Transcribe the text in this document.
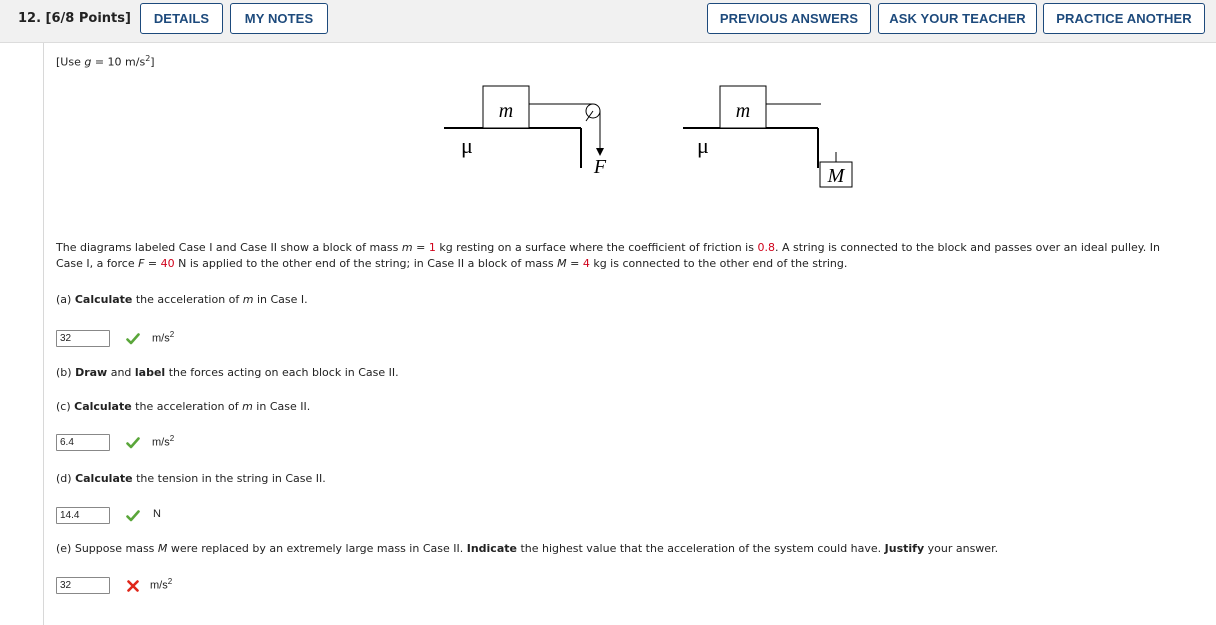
12. [6/8 Points]	DETAILS	MY NOTES	PREVIOUS ANSWERS	ASK YOUR TEACHER	PRACTICE ANOTHER
[Use g = 10 $m/s^2$]
m
μ
F
m
μ
M
The diagrams labeled Case I and Case II show a block of mass m = 1 kg resting on a surface where the coefficient of friction is 0.8. A string is connected to the block and passes over an ideal pulley. In
Case I, a force F = 40 N is applied to the other end of the string; in Case II a block of mass M = 4 kg is connected to the other end of the string.
(a) Calculate the acceleration of m in Case I.
32	$m/s^2$
(b) Draw and label the forces acting on each block in Case II.
(c) Calculate the acceleration of m in Case II.
6.4	$m/s^2$
(d) Calculate the tension in the string in Case II.
14.4	N
(e) Suppose mass M were replaced by an extremely large mass in Case II. Indicate the highest value that the acceleration of the system could have. Justify your answer.
32	$m/s^2$
